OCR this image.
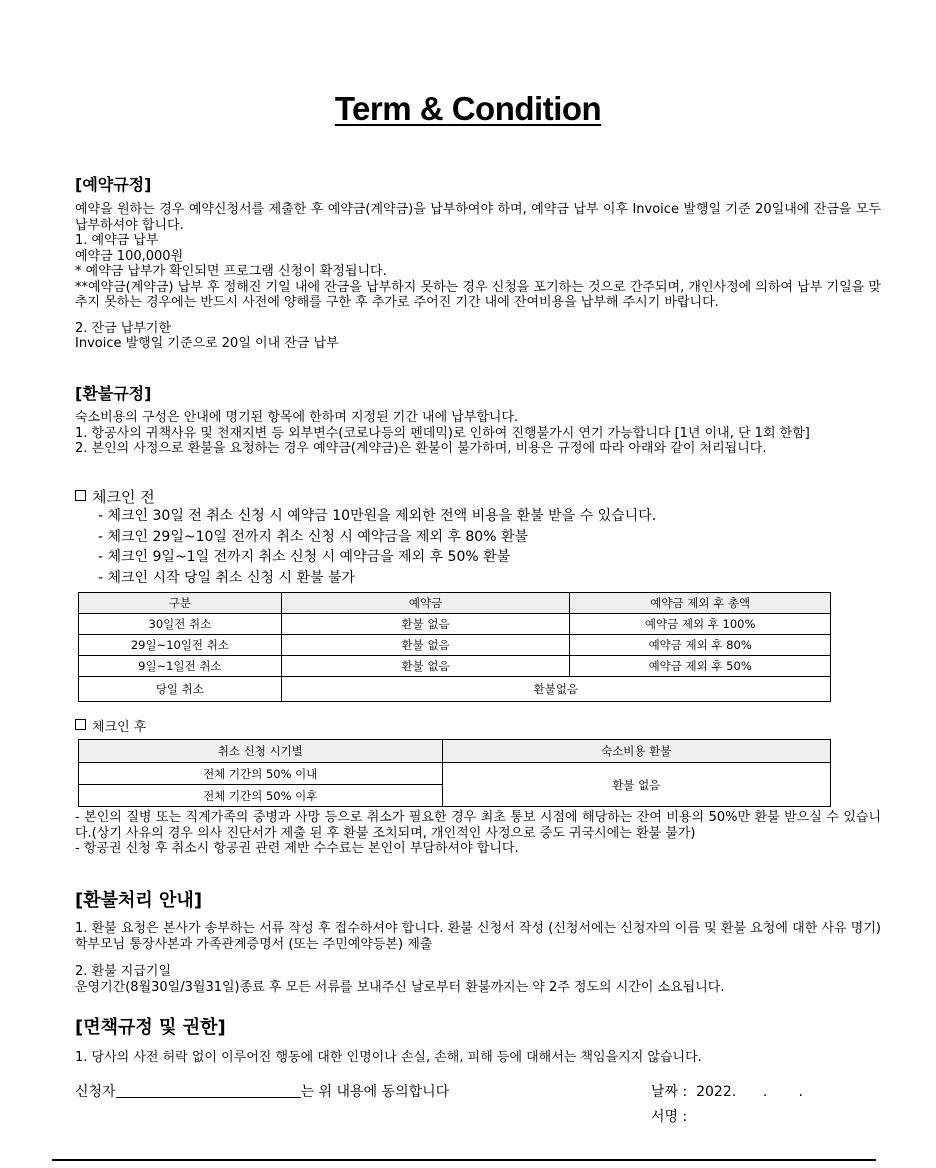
Term & Condition
[예약규정]

예약을 원하는 경우 예약신청서를 제출한 후 예약금(계약금)을 납부하여야 하며, 예약금 납부 이후 Invoice 발행일 기준 20일내에 잔금을 모두 납부하셔야 합니다.

1. 예약금 납부
예약금 100,000원
* 예약금 납부가 확인되면 프로그램 신청이 확정됩니다.

**예약금(계약금) 납부 후 정해진 기일 내에 잔금을 납부하지 못하는 경우 신청을 포기하는 것으로 간주되며, 개인사정에 의하여 납부 기일을 맞추지 못하는 경우에는 반드시 사전에 양해를 구한 후 추가로 주어진 기간 내에 잔여비용을 납부해 주시기 바랍니다.

2. 잔금 납부기한
Invoice 발행일 기준으로 20일 이내 잔금 납부
[환불규정]
숙소비용의 구성은 안내에 명기된 항목에 한하며 지정된 기간 내에 납부합니다.

1. 항공사의 귀책사유 및 천재지변 등 외부변수(코로나등의 펜데믹)로 인하여 진행불가시 연기 가능합니다 [1년 이내, 단 1회 한함]

2. 본인의 사정으로 환불을 요청하는 경우 예약금(계약금)은 환불이 불가하며, 비용은 규정에 따라 아래와 같이 처리됩니다.

체크인 전
- 체크인 30일 전 취소 신청 시 예약금 10만원을 제외한 전액 비용을 환불 받을 수 있습니다.
- 체크인 29일~10일 전까지 취소 신청 시 예약금을 제외 후 80% 환불
- 체크인 9일~1일 전까지 취소 신청 시 예약금을 제외 후 50% 환불
- 체크인 시작 당일 취소 신청 시 환불 불가
구분	예약금	예약금 제외 후 총액
30일전 취소	환불 없음	예약금 제외 후 100%
29일~10일전 취소	환불 없음	예약금 제외 후 80%
9일~1일전 취소	환불 없음	예약금 제외 후 50%
당일 취소	환불없음	
체크인 후
취소 신청 시기별	숙소비용 환불
전체 기간의 50% 이내	환불 없음
전체 기간의 50% 이후	

- 본인의 질병 또는 직계가족의 중병과 사망 등으로 취소가 필요한 경우 최초 통보 시점에 해당하는 잔여 비용의 50%만 환불 받으실 수 있습니다.(상기 사유의 경우 의사 진단서가 제출 된 후 환불 조치되며, 개인적인 사정으로 중도 귀국시에는 환불 불가)

- 항공권 신청 후 취소시 항공권 관련 제반 수수료는 본인이 부담하셔야 합니다.
[환불처리 안내]

1. 환불 요청은 본사가 송부하는 서류 작성 후 접수하셔야 합니다. 환불 신청서 작성 (신청서에는 신청자의 이름 및 환불 요청에 대한 사유 명기) 학부모님 통장사본과 가족관계증명서 (또는 주민예약등본) 제출

2. 환불 지급기일
운영기간(8월30일/3월31일)종료 후 모든 서류를 보내주신 날로부터 환불까지는 약 2주 정도의 시간이 소요됩니다.
[면책규정 및 권한]
1. 당사의 사전 허락 없이 이루어진 행동에 대한 인명이나 손실, 손해, 피해 등에 대해서는 책임을지지 않습니다.
신청자	는 위 내용에 동의합니다	날짜 :  2022.      .       .
서명 :
